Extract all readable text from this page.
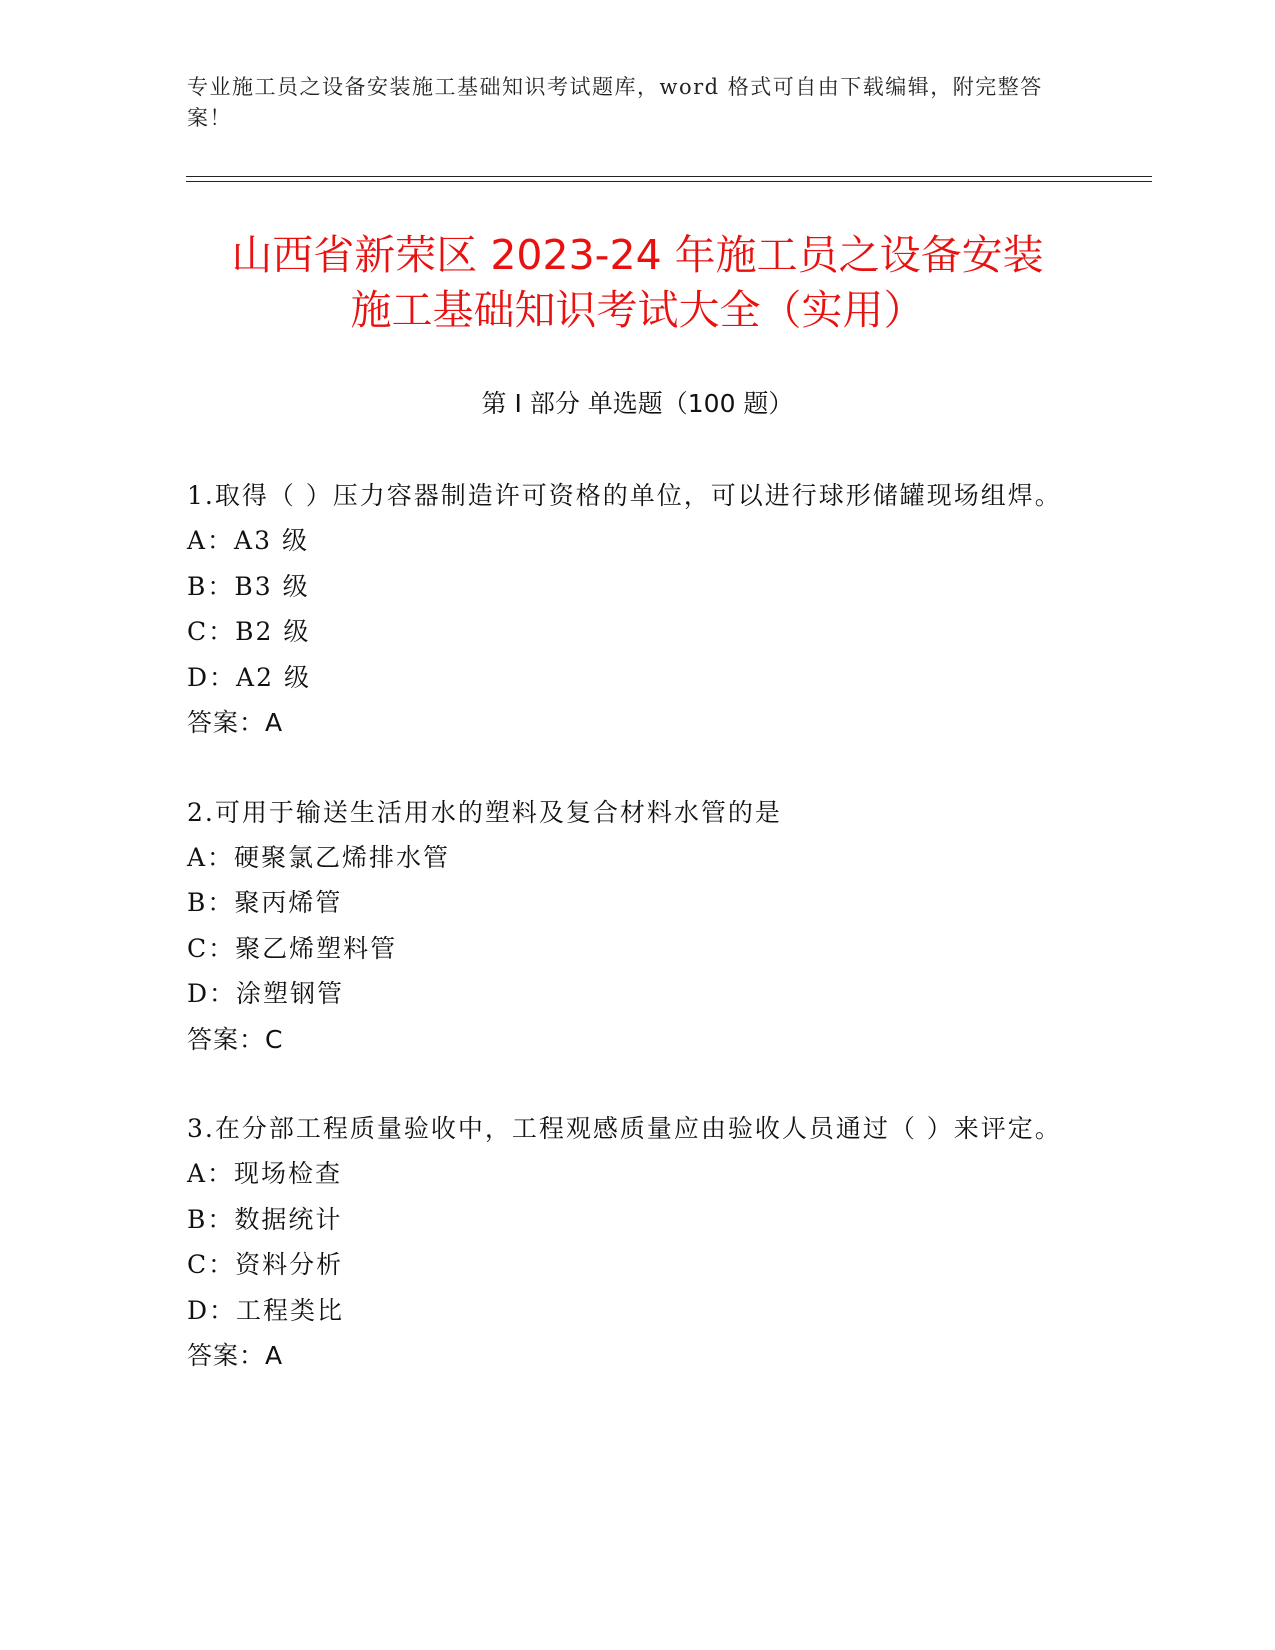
专业施工员之设备安装施工基础知识考试题库，word 格式可自由下载编辑，附完整答案！
山西省新荣区 2023-24 年施工员之设备安装
施工基础知识考试大全（实用）
第 I 部分 单选题（100 题）
1.取得（ ）压力容器制造许可资格的单位，可以进行球形储罐现场组焊。
A：A3 级
B：B3 级
C：B2 级
D：A2 级
答案：A
2.可用于输送生活用水的塑料及复合材料水管的是
A：硬聚氯乙烯排水管
B：聚丙烯管
C：聚乙烯塑料管
D：涂塑钢管
答案：C
3.在分部工程质量验收中，工程观感质量应由验收人员通过（ ）来评定。
A：现场检查
B：数据统计
C：资料分析
D：工程类比
答案：A
